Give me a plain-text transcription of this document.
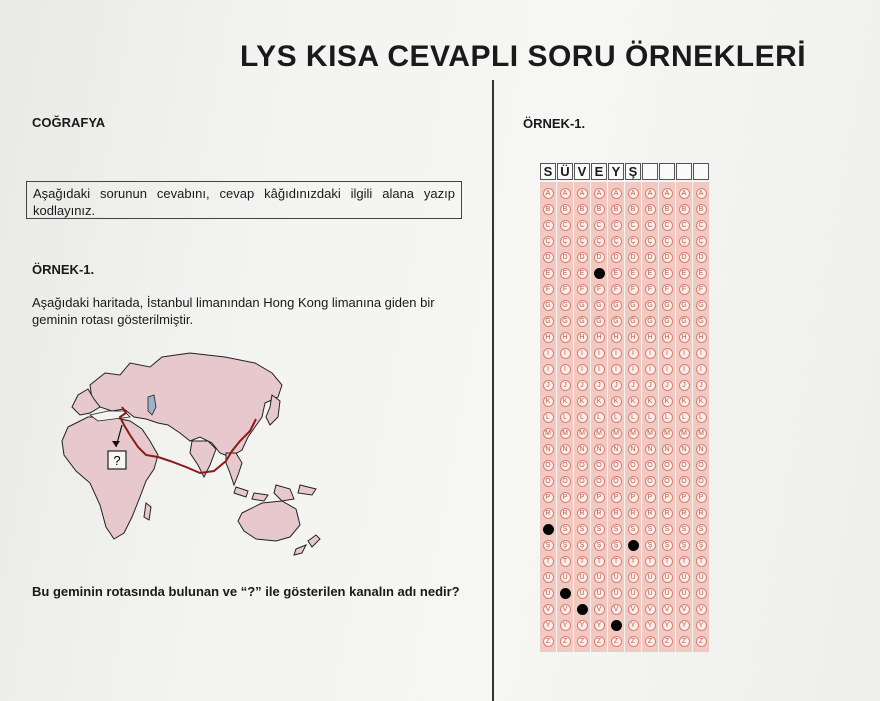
LYS KISA CEVAPLI SORU ÖRNEKLERİ

COĞRAFYA

Aşağıdaki sorunun cevabını, cevap kâğıdınızdaki ilgili alana yazıp kodlayınız.

ÖRNEK-1.

Aşağıdaki haritada, İstanbul limanından Hong Kong limanına giden bir geminin rotası gösterilmiştir.

?

Bu geminin rotasında bulunan ve “?” ile gösterilen kanalın adı nedir?

ÖRNEK-1.

S Ü V E Y Ş
A
B
C
Ç
D
E
F
G
Ğ
H
I
İ
J
K
L
M
N
O
Ö
P
R
Ş
T
U
Ü
V
Y
Z
A
B
C
Ç
D
E
F
G
Ğ
H
I
İ
J
K
L
M
N
O
Ö
P
R
S
Ş
T
U
V
Y
Z
A
B
C
Ç
D
E
F
G
Ğ
H
I
İ
J
K
L
M
N
O
Ö
P
R
S
Ş
T
U
Ü
Y
Z
A
B
C
Ç
D
F
G
Ğ
H
I
İ
J
K
L
M
N
O
Ö
P
R
S
Ş
T
U
Ü
V
Y
Z
A
B
C
Ç
D
E
F
G
Ğ
H
I
İ
J
K
L
M
N
O
Ö
P
R
S
Ş
T
U
Ü
V
Z
A
B
C
Ç
D
E
F
G
Ğ
H
I
İ
J
K
L
M
N
O
Ö
P
R
S
T
U
Ü
V
Y
Z
A
B
C
Ç
D
E
F
G
Ğ
H
I
İ
J
K
L
M
N
O
Ö
P
R
S
Ş
T
U
Ü
V
Y
Z
A
B
C
Ç
D
E
F
G
Ğ
H
I
İ
J
K
L
M
N
O
Ö
P
R
S
Ş
T
U
Ü
V
Y
Z
A
B
C
Ç
D
E
F
G
Ğ
H
I
İ
J
K
L
M
N
O
Ö
P
R
S
Ş
T
U
Ü
V
Y
Z
A
B
C
Ç
D
E
F
G
Ğ
H
I
İ
J
K
L
M
N
O
Ö
P
R
S
Ş
T
U
Ü
V
Y
Z
